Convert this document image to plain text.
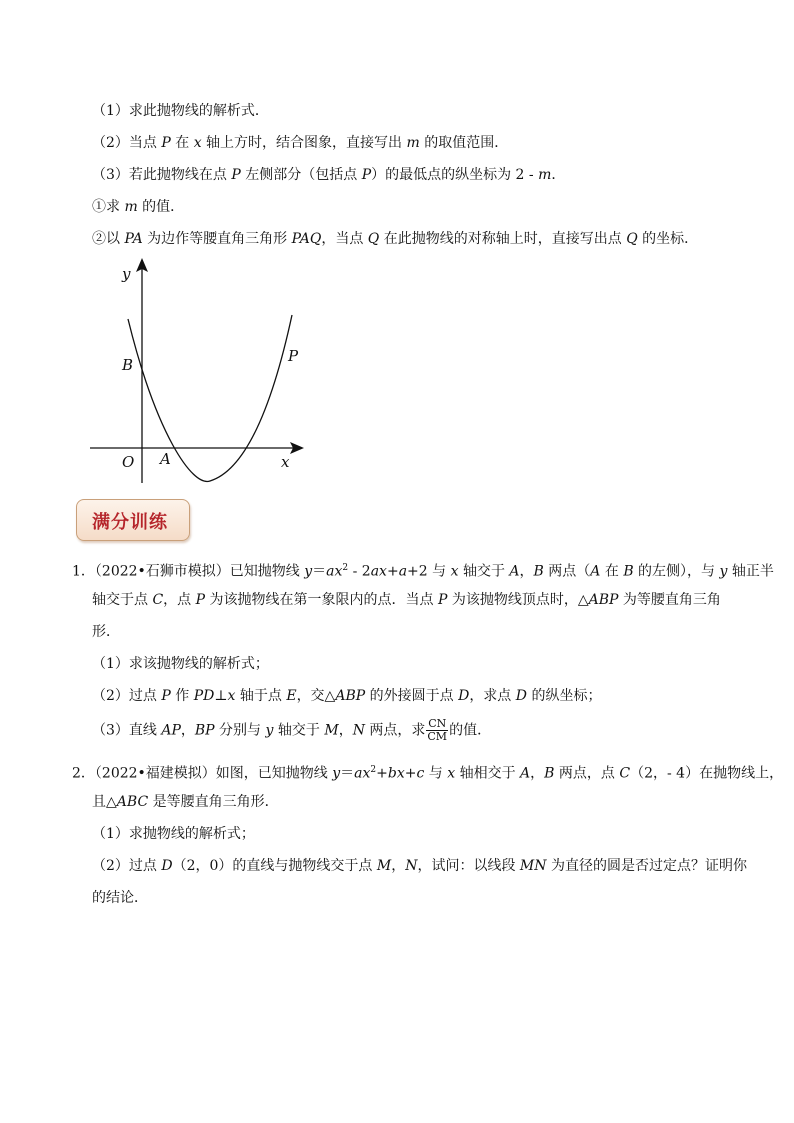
（1）求此抛物线的解析式．
（2）当点 P 在 x 轴上方时，结合图象，直接写出 m 的取值范围．
（3）若此抛物线在点 P 左侧部分（包括点 P）的最低点的纵坐标为 2 - m．
①求 m 的值．
②以 PA 为边作等腰直角三角形 PAQ，当点 Q 在此抛物线的对称轴上时，直接写出点 Q 的坐标．
y
x
O A
B	P
满分训练
1．（2022•石狮市模拟）已知抛物线 $y=ax^2 - 2ax+a+2$ 与 x 轴交于 A，B 两点（A 在 B 的左侧），与 y 轴正半
轴交于点 C，点 P 为该抛物线在第一象限内的点．当点 P 为该抛物线顶点时，△ABP 为等腰直角三角
形．
（1）求该抛物线的解析式；
（2）过点 P 作 PD⊥x 轴于点 E，交△ABP 的外接圆于点 D，求点 D 的纵坐标；
（3）直线 AP，BP 分别与 y 轴交于 M，N 两点，求 $\frac{CN}{CM}$ 的值．
2．（2022•福建模拟）如图，已知抛物线 $y=ax^2+bx+c$ 与 x 轴相交于 A，B 两点，点 C（2，- 4）在抛物线上，
且△ABC 是等腰直角三角形．
（1）求抛物线的解析式；
（2）过点 D（2，0）的直线与抛物线交于点 M，N，试问：以线段 MN 为直径的圆是否过定点？证明你
的结论．
